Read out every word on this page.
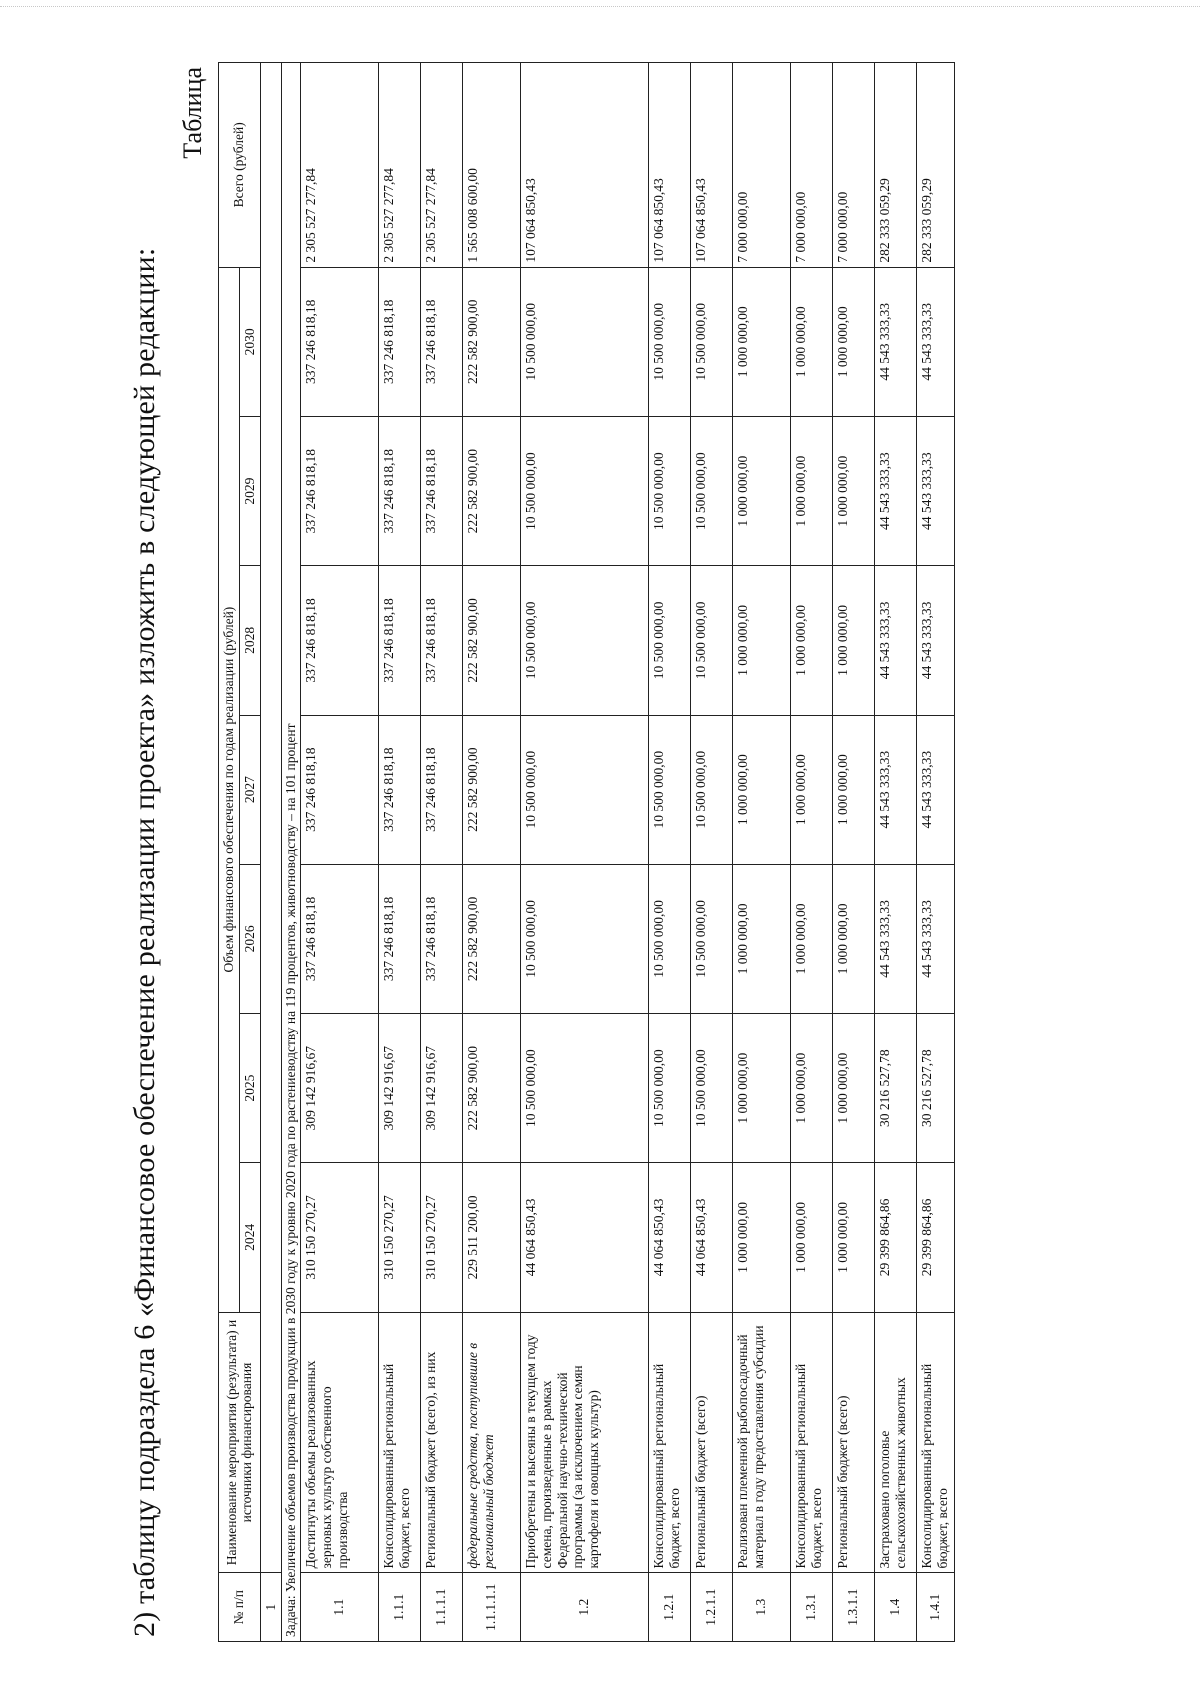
2) таблицу подраздела 6 «Финансовое обеспечение реализации проекта» изложить в следующей редакции:
Таблица
№ п/п	Наименование мероприятия (результата) и источники финансирования	Объем финансового обеспечения по годам реализации (рублей)							Всего (рублей)
		2024	2025	2026	2027	2028	2029	2030	
1									
Задача: Увеличение объемов производства продукции в 2030 году к уровню 2020 года по растениеводству на 119 процентов, животноводству – на 101 процент									
1.1	Достигнуты объемы реализованных зерновых культур собственного производства	310 150 270,27	309 142 916,67	337 246 818,18	337 246 818,18	337 246 818,18	337 246 818,18	337 246 818,18	2 305 527 277,84
1.1.1	Консолидированный региональный бюджет, всего	310 150 270,27	309 142 916,67	337 246 818,18	337 246 818,18	337 246 818,18	337 246 818,18	337 246 818,18	2 305 527 277,84
1.1.1.1	Региональный бюджет (всего), из них	310 150 270,27	309 142 916,67	337 246 818,18	337 246 818,18	337 246 818,18	337 246 818,18	337 246 818,18	2 305 527 277,84
1.1.1.1.1	федеральные средства, поступившие в региональный бюджет	229 511 200,00	222 582 900,00	222 582 900,00	222 582 900,00	222 582 900,00	222 582 900,00	222 582 900,00	1 565 008 600,00
1.2	Приобретены и высеяны в текущем году семена, произведенные в рамках Федеральной научно-технической программы (за исключением семян картофеля и овощных культур)	44 064 850,43	10 500 000,00	10 500 000,00	10 500 000,00	10 500 000,00	10 500 000,00	10 500 000,00	107 064 850,43
1.2.1	Консолидированный региональный бюджет, всего	44 064 850,43	10 500 000,00	10 500 000,00	10 500 000,00	10 500 000,00	10 500 000,00	10 500 000,00	107 064 850,43
1.2.1.1	Региональный бюджет (всего)	44 064 850,43	10 500 000,00	10 500 000,00	10 500 000,00	10 500 000,00	10 500 000,00	10 500 000,00	107 064 850,43
1.3	Реализован племенной рыбопосадочный материал в году предоставления субсидии	1 000 000,00	1 000 000,00	1 000 000,00	1 000 000,00	1 000 000,00	1 000 000,00	1 000 000,00	7 000 000,00
1.3.1	Консолидированный региональный бюджет, всего	1 000 000,00	1 000 000,00	1 000 000,00	1 000 000,00	1 000 000,00	1 000 000,00	1 000 000,00	7 000 000,00
1.3.1.1	Региональный бюджет (всего)	1 000 000,00	1 000 000,00	1 000 000,00	1 000 000,00	1 000 000,00	1 000 000,00	1 000 000,00	7 000 000,00
1.4	Застраховано поголовье сельскохозяйственных животных	29 399 864,86	30 216 527,78	44 543 333,33	44 543 333,33	44 543 333,33	44 543 333,33	44 543 333,33	282 333 059,29
1.4.1	Консолидированный региональный бюджет, всего	29 399 864,86	30 216 527,78	44 543 333,33	44 543 333,33	44 543 333,33	44 543 333,33	44 543 333,33	282 333 059,29
